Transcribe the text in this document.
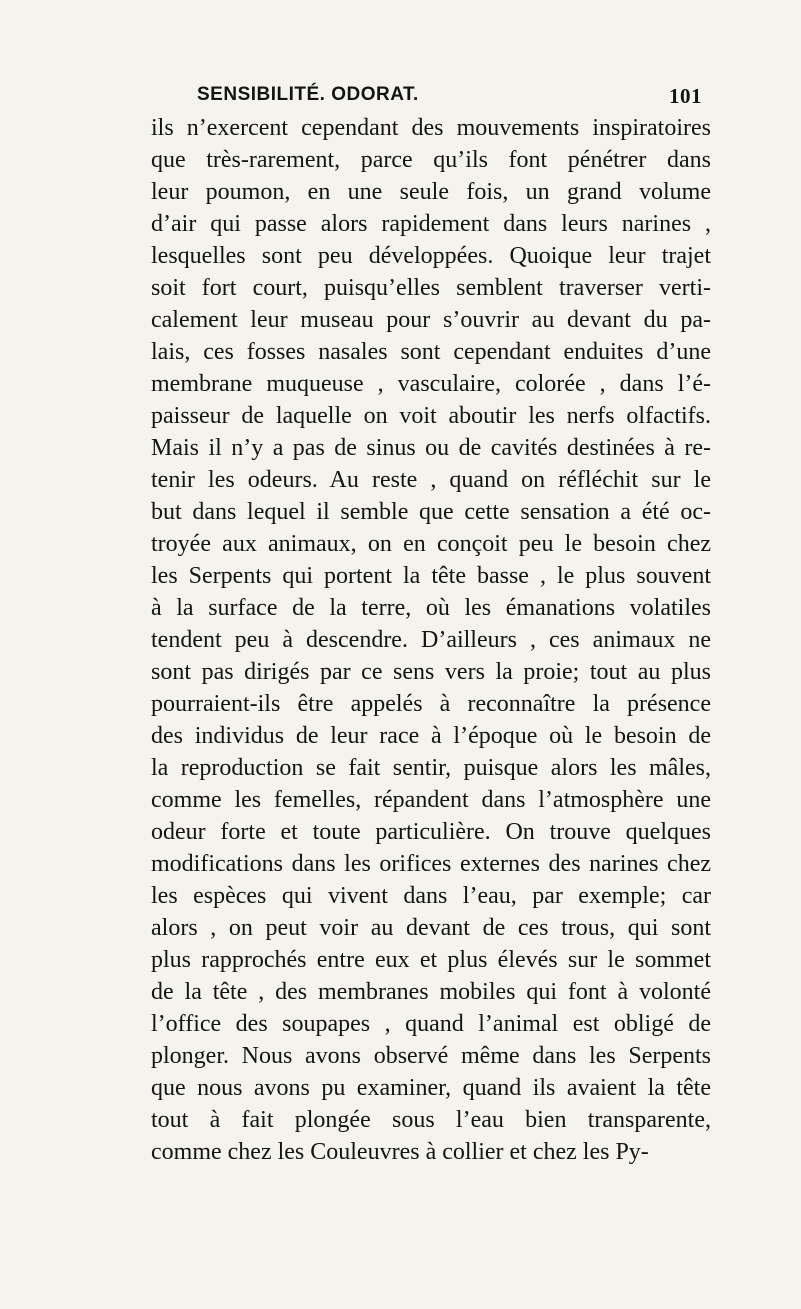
SENSIBILITÉ. ODORAT.	101
ils n’exercent cependant des mouvements inspiratoires
que très-rarement, parce qu’ils font pénétrer dans
leur poumon, en une seule fois, un grand volume
d’air qui passe alors rapidement dans leurs narines ,
lesquelles sont peu développées. Quoique leur trajet
soit fort court, puisqu’elles semblent traverser verti-
calement leur museau pour s’ouvrir au devant du pa-
lais, ces fosses nasales sont cependant enduites d’une
membrane muqueuse , vasculaire, colorée , dans l’é-
paisseur de laquelle on voit aboutir les nerfs olfactifs.
Mais il n’y a pas de sinus ou de cavités destinées à re-
tenir les odeurs. Au reste , quand on réfléchit sur le
but dans lequel il semble que cette sensation a été oc-
troyée aux animaux, on en conçoit peu le besoin chez
les Serpents qui portent la tête basse , le plus souvent
à la surface de la terre, où les émanations volatiles
tendent peu à descendre. D’ailleurs , ces animaux ne
sont pas dirigés par ce sens vers la proie; tout au plus
pourraient-ils être appelés à reconnaître la présence
des individus de leur race à l’époque où le besoin de
la reproduction se fait sentir, puisque alors les mâles,
comme les femelles, répandent dans l’atmosphère une
odeur forte et toute particulière. On trouve quelques
modifications dans les orifices externes des narines chez
les espèces qui vivent dans l’eau, par exemple; car
alors , on peut voir au devant de ces trous, qui sont
plus rapprochés entre eux et plus élevés sur le sommet
de la tête , des membranes mobiles qui font à volonté
l’office des soupapes , quand l’animal est obligé de
plonger. Nous avons observé même dans les Serpents
que nous avons pu examiner, quand ils avaient la tête
tout à fait plongée sous l’eau bien transparente,
comme chez les Couleuvres à collier et chez les Py-
